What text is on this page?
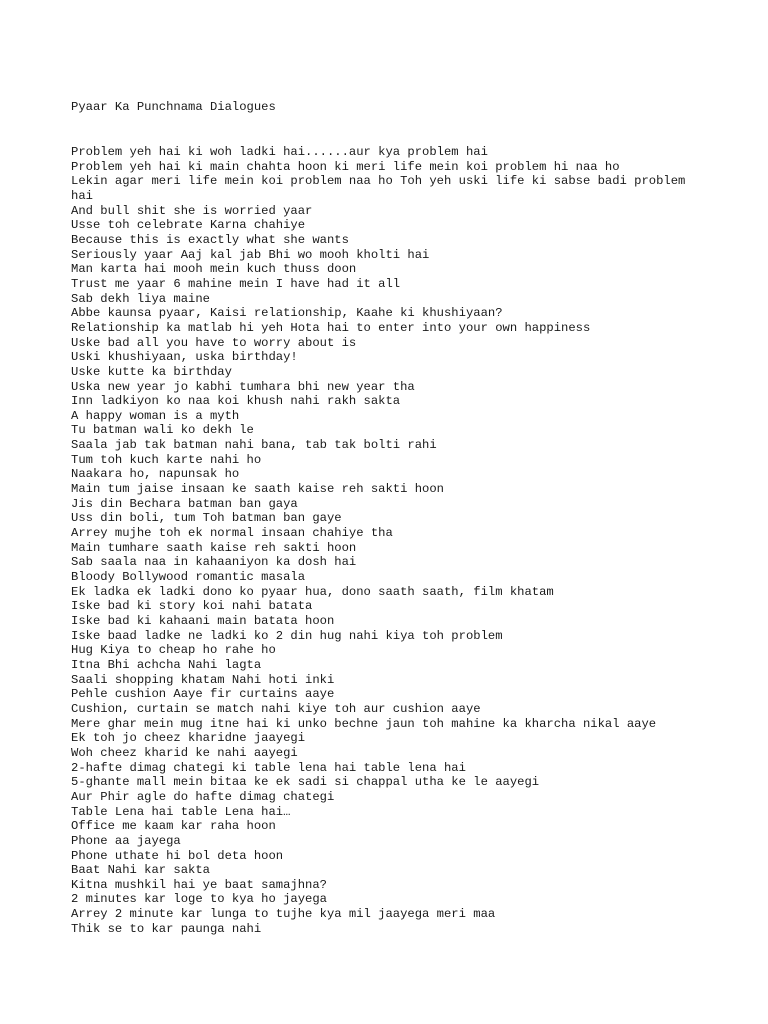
Pyaar Ka Punchnama Dialogues
Problem yeh hai ki woh ladki hai......aur kya problem hai
Problem yeh hai ki main chahta hoon ki meri life mein koi problem hi naa ho
Lekin agar meri life mein koi problem naa ho Toh yeh uski life ki sabse badi problem hai
And bull shit she is worried yaar
Usse toh celebrate Karna chahiye
Because this is exactly what she wants
Seriously yaar Aaj kal jab Bhi wo mooh kholti hai
Man karta hai mooh mein kuch thuss doon
Trust me yaar 6 mahine mein I have had it all
Sab dekh liya maine
Abbe kaunsa pyaar, Kaisi relationship, Kaahe ki khushiyaan?
Relationship ka matlab hi yeh Hota hai to enter into your own happiness
Uske bad all you have to worry about is
Uski khushiyaan, uska birthday!
Uske kutte ka birthday
Uska new year jo kabhi tumhara bhi new year tha
Inn ladkiyon ko naa koi khush nahi rakh sakta
A happy woman is a myth
Tu batman wali ko dekh le
Saala jab tak batman nahi bana, tab tak bolti rahi
Tum toh kuch karte nahi ho
Naakara ho, napunsak ho
Main tum jaise insaan ke saath kaise reh sakti hoon
Jis din Bechara batman ban gaya
Uss din boli, tum Toh batman ban gaye
Arrey mujhe toh ek normal insaan chahiye tha
Main tumhare saath kaise reh sakti hoon
Sab saala naa in kahaaniyon ka dosh hai
Bloody Bollywood romantic masala
Ek ladka ek ladki dono ko pyaar hua, dono saath saath, film khatam
Iske bad ki story koi nahi batata
Iske bad ki kahaani main batata hoon
Iske baad ladke ne ladki ko 2 din hug nahi kiya toh problem
Hug Kiya to cheap ho rahe ho
Itna Bhi achcha Nahi lagta
Saali shopping khatam Nahi hoti inki
Pehle cushion Aaye fir curtains aaye
Cushion, curtain se match nahi kiye toh aur cushion aaye
Mere ghar mein mug itne hai ki unko bechne jaun toh mahine ka kharcha nikal aaye
Ek toh jo cheez kharidne jaayegi
Woh cheez kharid ke nahi aayegi
2-hafte dimag chategi ki table lena hai table lena hai
5-ghante mall mein bitaa ke ek sadi si chappal utha ke le aayegi
Aur Phir agle do hafte dimag chategi
Table Lena hai table Lena hai…
Office me kaam kar raha hoon
Phone aa jayega
Phone uthate hi bol deta hoon
Baat Nahi kar sakta
Kitna mushkil hai ye baat samajhna?
2 minutes kar loge to kya ho jayega
Arrey 2 minute kar lunga to tujhe kya mil jaayega meri maa
Thik se to kar paunga nahi
